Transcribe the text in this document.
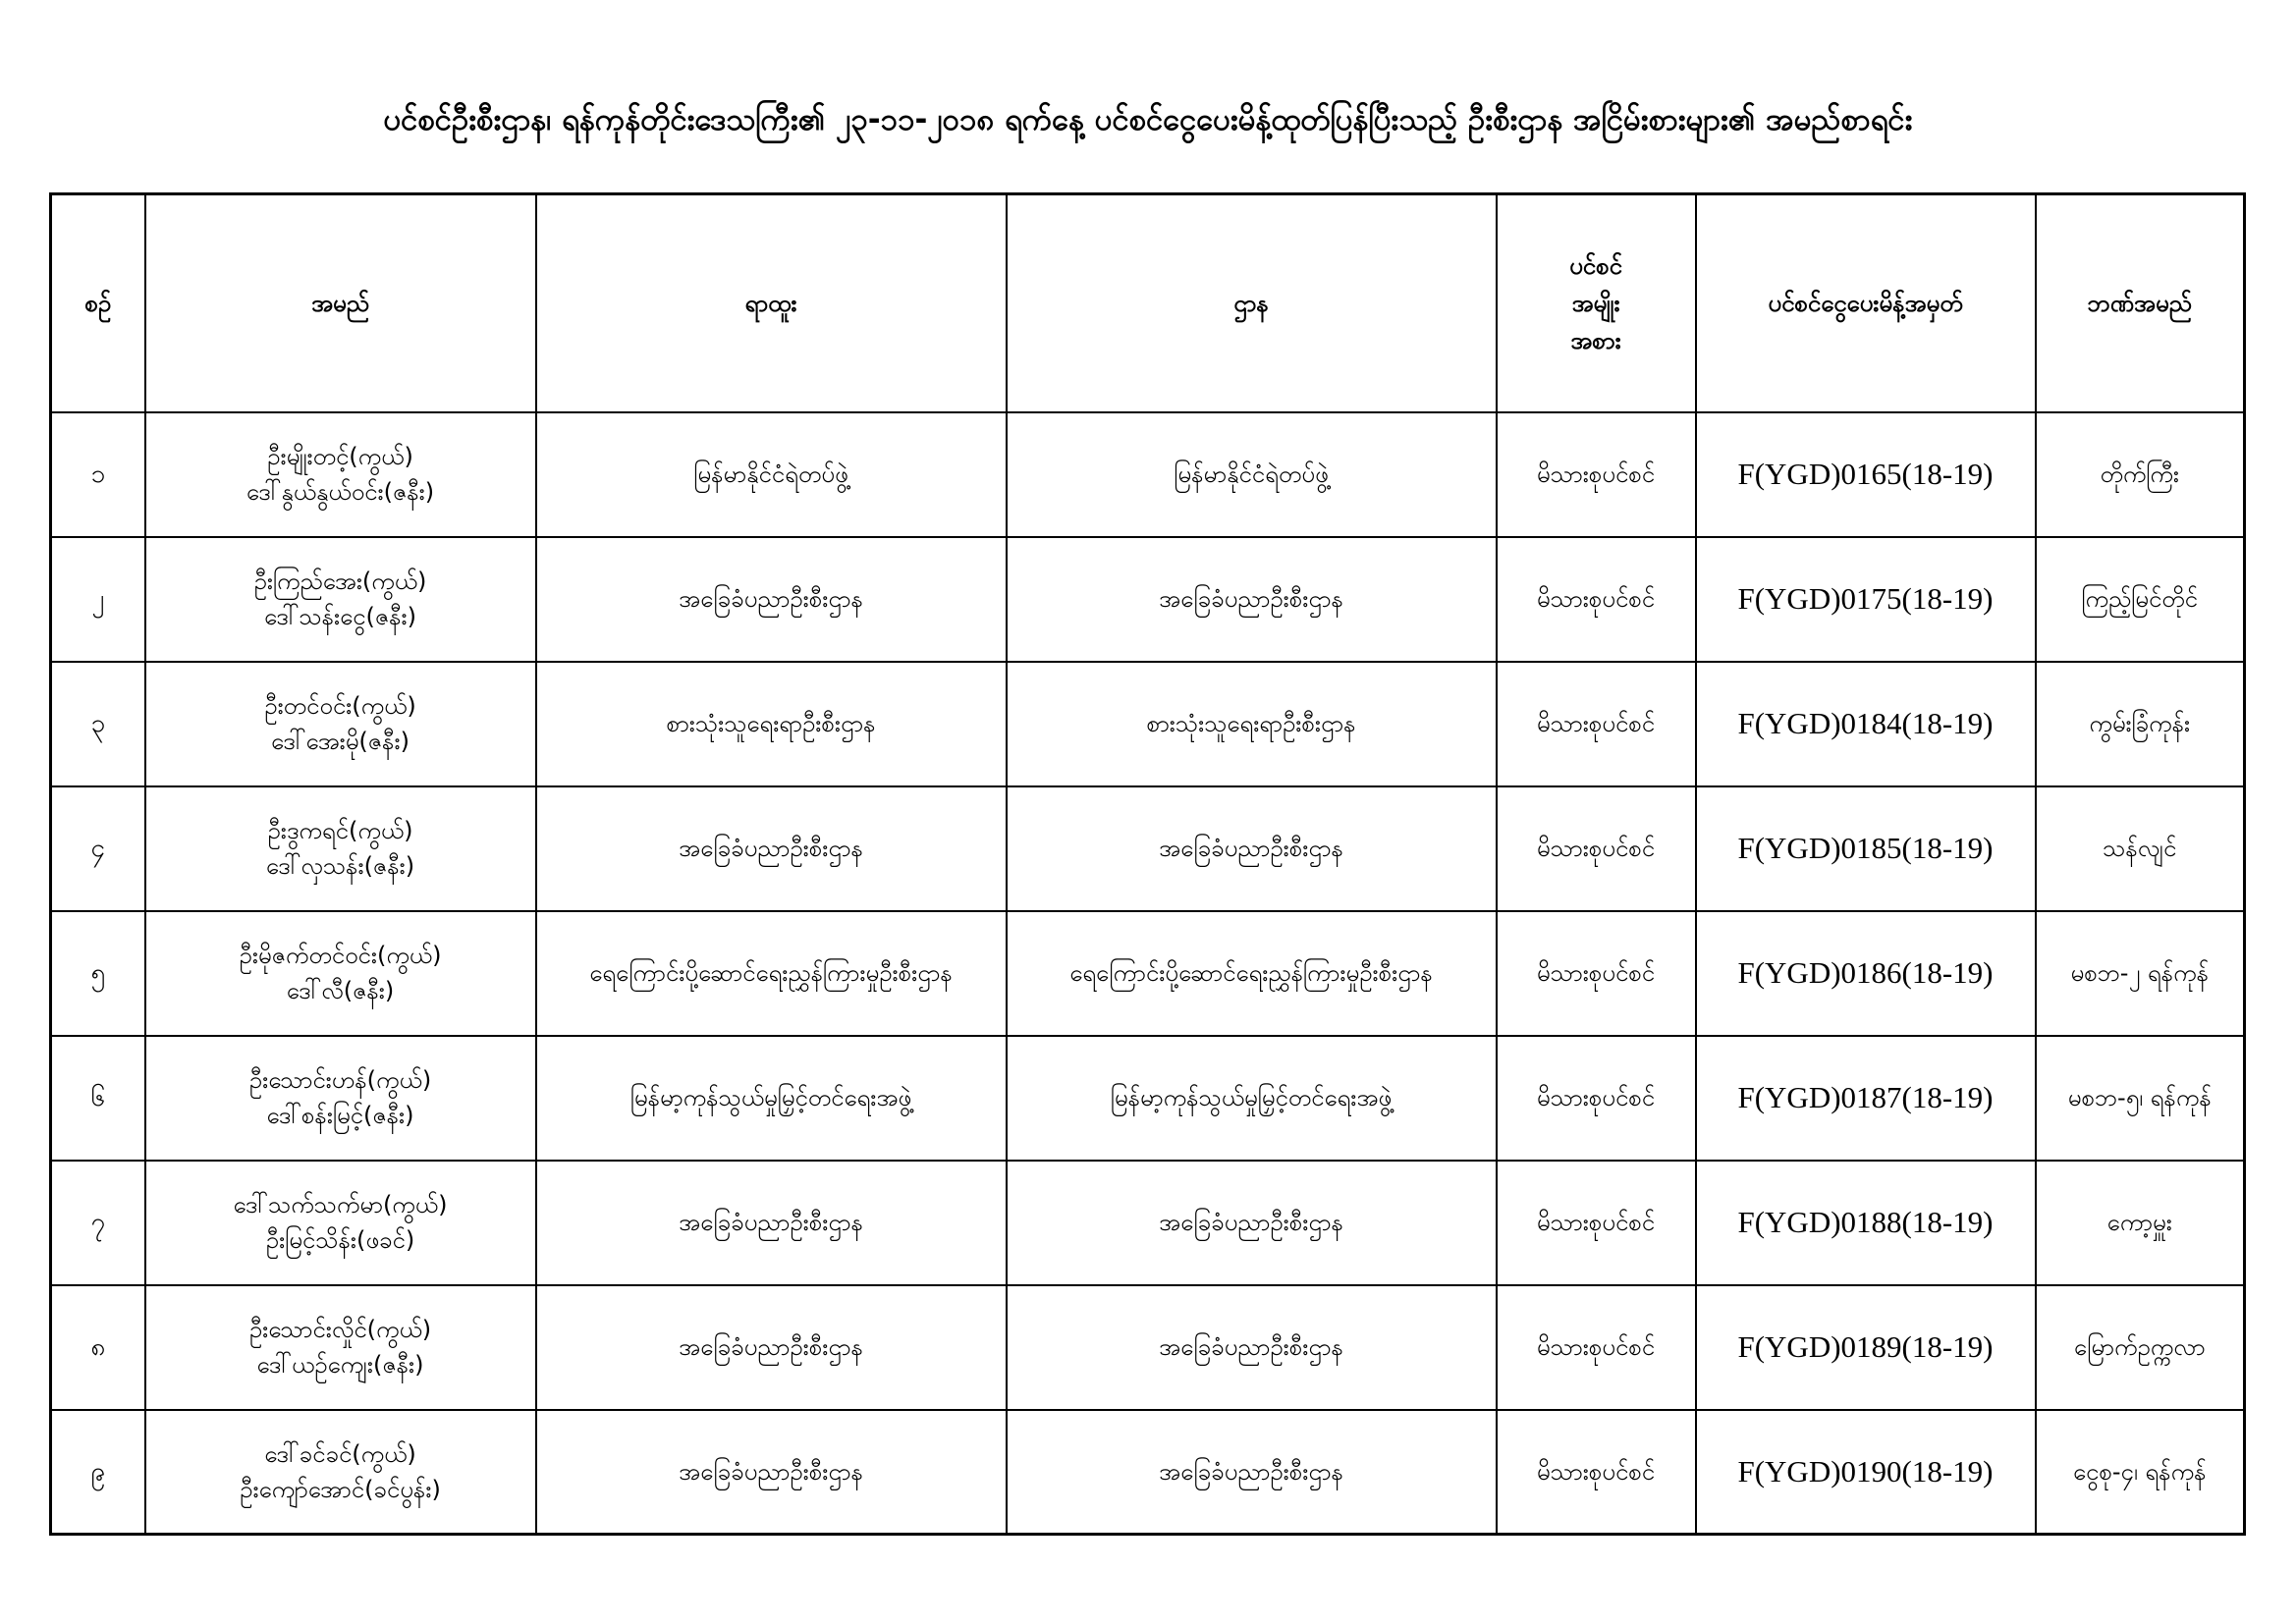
ပင်စင်ဦးစီးဌာန၊ ရန်ကုန်တိုင်းဒေသကြီး၏ ၂၃-၁၁-၂၀၁၈ ရက်နေ့ ပင်စင်ငွေပေးမိန့်ထုတ်ပြန်ပြီးသည့် ဦးစီးဌာန အငြိမ်းစားများ၏ အမည်စာရင်း
စဥ်	အမည်	ရာထူး	ဌာန	ပင်စင်
အမျိုး
အစား	ပင်စင်ငွေပေးမိန့်အမှတ်	ဘဏ်အမည်
၁	ဦးမျိုးတင့်(ကွယ်)
ဒေါ်နွယ်နွယ်ဝင်း(ဇနီး)	မြန်မာနိုင်ငံရဲတပ်ဖွဲ့	မြန်မာနိုင်ငံရဲတပ်ဖွဲ့	မိသားစုပင်စင်	F(YGD)0165(18-19)	တိုက်ကြီး
၂	ဦးကြည်အေး(ကွယ်)
ဒေါ်သန်းငွေ(ဇနီး)	အခြေခံပညာဦးစီးဌာန	အခြေခံပညာဦးစီးဌာန	မိသားစုပင်စင်	F(YGD)0175(18-19)	ကြည့်မြင်တိုင်
၃	ဦးတင်ဝင်း(ကွယ်)
ဒေါ်အေးမို(ဇနီး)	စားသုံးသူရေးရာဦးစီးဌာန	စားသုံးသူရေးရာဦးစီးဌာန	မိသားစုပင်စင်	F(YGD)0184(18-19)	ကွမ်းခြံကုန်း
၄	ဦးဒွကရင်(ကွယ်)
ဒေါ်လှသန်း(ဇနီး)	အခြေခံပညာဦးစီးဌာန	အခြေခံပညာဦးစီးဌာန	မိသားစုပင်စင်	F(YGD)0185(18-19)	သန်လျင်
၅	ဦးမိုဇက်တင်ဝင်း(ကွယ်)
ဒေါ်လီ(ဇနီး)	ရေကြောင်းပို့ဆောင်ရေးညွှန်ကြားမှုဦးစီးဌာန	ရေကြောင်းပို့ဆောင်ရေးညွှန်ကြားမှုဦးစီးဌာန	မိသားစုပင်စင်	F(YGD)0186(18-19)	မစဘ-၂ ရန်ကုန်
၆	ဦးသောင်းဟန်(ကွယ်)
ဒေါ်စန်းမြင့်(ဇနီး)	မြန်မာ့ကုန်သွယ်မှုမြှင့်တင်ရေးအဖွဲ့	မြန်မာ့ကုန်သွယ်မှုမြှင့်တင်ရေးအဖွဲ့	မိသားစုပင်စင်	F(YGD)0187(18-19)	မစဘ-၅၊ ရန်ကုန်
၇	ဒေါ်သက်သက်မာ(ကွယ်)
ဦးမြင့်သိန်း(ဖခင်)	အခြေခံပညာဦးစီးဌာန	အခြေခံပညာဦးစီးဌာန	မိသားစုပင်စင်	F(YGD)0188(18-19)	ကော့မှူး
၈	ဦးသောင်းလှိုင်(ကွယ်)
ဒေါ်ယဥ်ကျေး(ဇနီး)	အခြေခံပညာဦးစီးဌာန	အခြေခံပညာဦးစီးဌာန	မိသားစုပင်စင်	F(YGD)0189(18-19)	မြောက်ဥက္ကလာ
၉	ဒေါ်ခင်ခင်(ကွယ်)
ဦးကျော်အောင်(ခင်ပွန်း)	အခြေခံပညာဦးစီးဌာန	အခြေခံပညာဦးစီးဌာန	မိသားစုပင်စင်	F(YGD)0190(18-19)	ငွေစု-၄၊ ရန်ကုန်
